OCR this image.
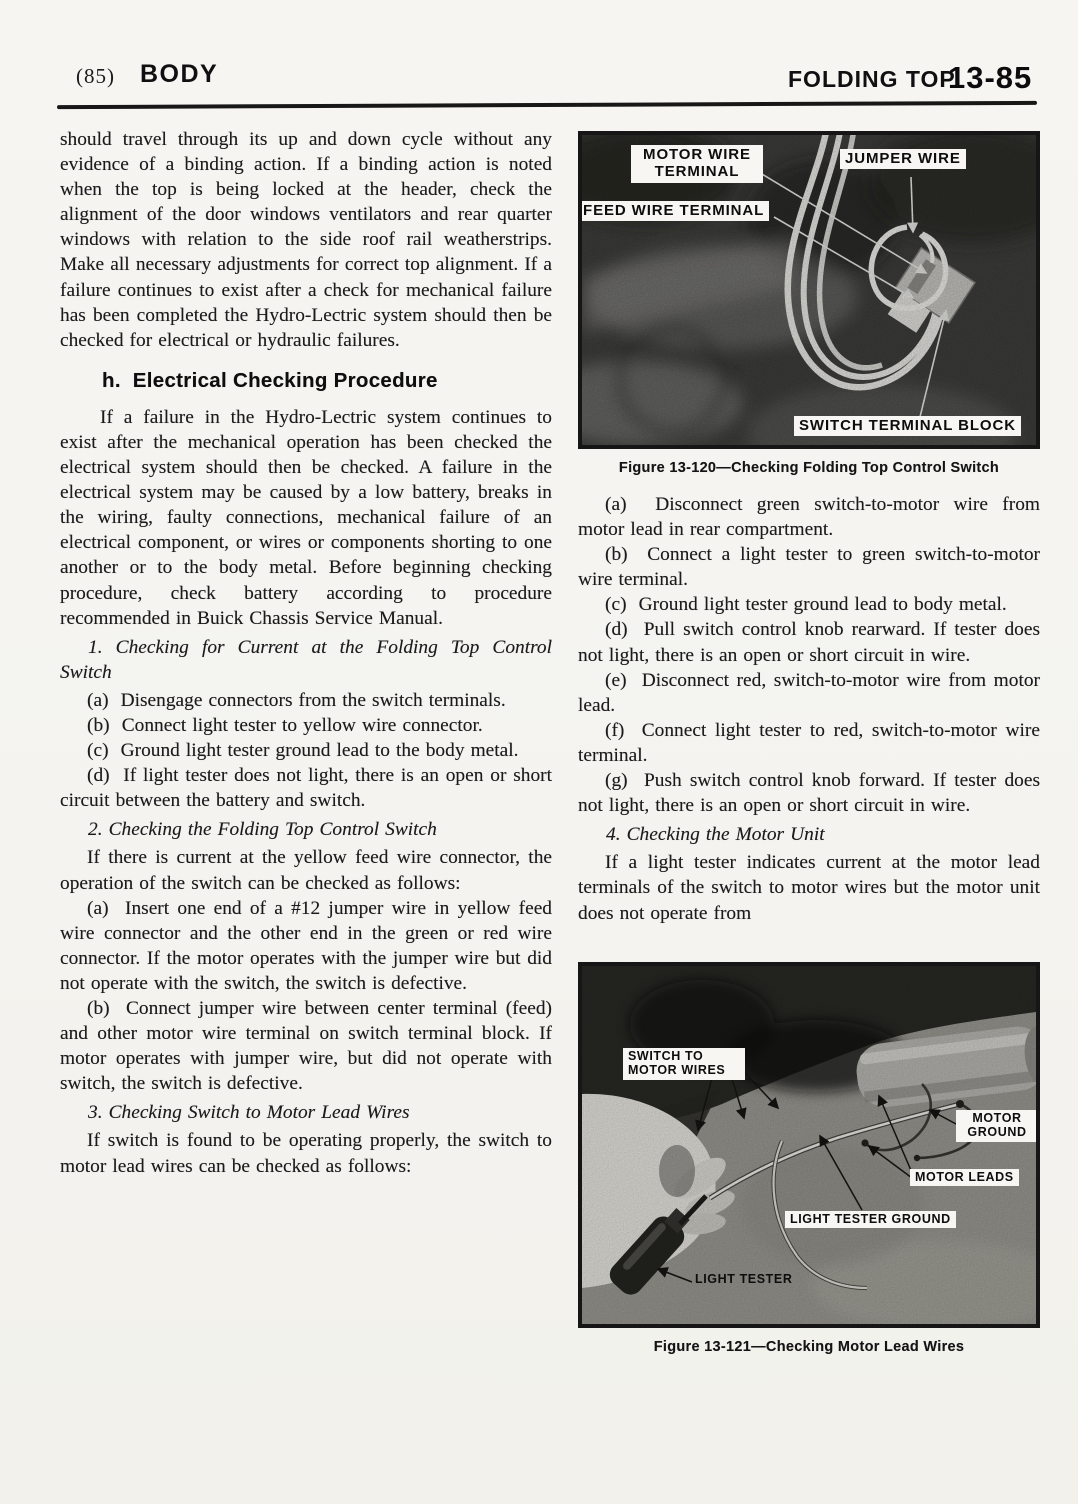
(85) BODY	FOLDING TOP
13-85

should travel through its up and down cycle without any evidence of a binding action. If a binding action is noted when the top is being locked at the header, check the alignment of the door windows ventilators and rear quarter windows with relation to the side roof rail weatherstrips. Make all necessary adjustments for correct top alignment. If a failure continues to exist after a check for mechanical failure has been completed the Hydro-Lectric system should then be checked for electrical or hydraulic failures.

h.  Electrical Checking Procedure

If a failure in the Hydro-Lectric system continues to exist after the mechanical operation has been checked the electrical system should then be checked. A failure in the electrical system may be caused by a low battery, breaks in the wiring, faulty connections, mechanical failure of an electrical component, or wires or components shorting to one another or to the body metal. Before beginning checking procedure, check battery according to procedure recommended in Buick Chassis Service Manual.

1. Checking for Current at the Folding Top Control Switch

(a)  Disengage connectors from the switch terminals.

(b)  Connect light tester to yellow wire connector.

(c)  Ground light tester ground lead to the body metal.

(d)  If light tester does not light, there is an open or short circuit between the battery and switch.

2. Checking the Folding Top Control Switch

If there is current at the yellow feed wire connector, the operation of the switch can be checked as follows:

(a)  Insert one end of a #12 jumper wire in yellow feed wire connector and the other end in the green or red wire connector. If the motor operates with the jumper wire but did not operate with the switch, the switch is defective.

(b)  Connect jumper wire between center terminal (feed) and other motor wire terminal on switch terminal block. If motor operates with jumper wire, but did not operate with switch, the switch is defective.

3. Checking Switch to Motor Lead Wires

If switch is found to be operating properly, the switch to motor lead wires can be checked as follows:

MOTOR WIRE TERMINAL
JUMPER WIRE
FEED WIRE TERMINAL
SWITCH TERMINAL BLOCK
Figure 13-120—Checking Folding Top Control Switch

(a)  Disconnect green switch-to-motor wire from motor lead in rear compartment.

(b)  Connect a light tester to green switch-to-motor wire terminal.

(c)  Ground light tester ground lead to body metal.

(d)  Pull switch control knob rearward. If tester does not light, there is an open or short circuit in wire.

(e)  Disconnect red, switch-to-motor wire from motor lead.

(f)  Connect light tester to red, switch-to-motor wire terminal.

(g)  Push switch control knob forward. If tester does not light, there is an open or short circuit in wire.

4. Checking the Motor Unit

If a light tester indicates current at the motor lead terminals of the switch to motor wires but the motor unit does not operate from

SWITCH TO MOTOR WIRES
MOTOR GROUND
MOTOR LEADS
LIGHT TESTER GROUND
LIGHT TESTER
Figure 13-121—Checking Motor Lead Wires
